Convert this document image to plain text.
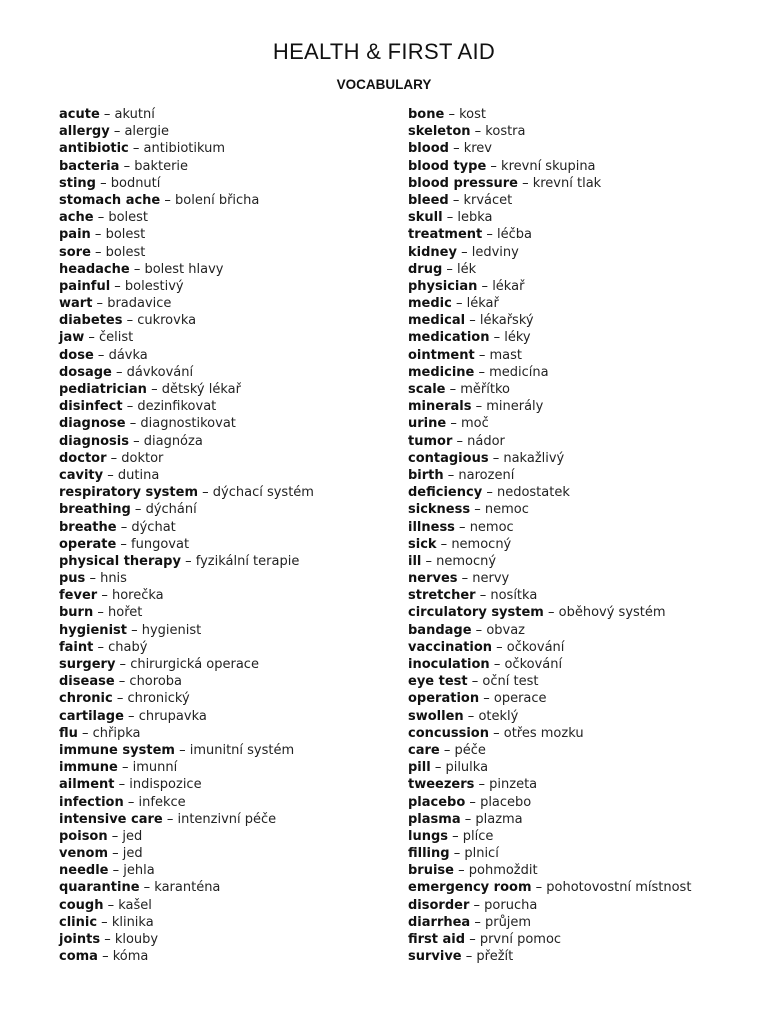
HEALTH & FIRST AID
VOCABULARY
acute – akutní
allergy – alergie
antibiotic – antibiotikum
bacteria – bakterie
sting – bodnutí
stomach ache – bolení břicha
ache – bolest
pain – bolest
sore – bolest
headache – bolest hlavy
painful – bolestivý
wart – bradavice
diabetes – cukrovka
jaw – čelist
dose – dávka
dosage – dávkování
pediatrician – dětský lékař
disinfect – dezinfikovat
diagnose – diagnostikovat
diagnosis – diagnóza
doctor – doktor
cavity – dutina
respiratory system – dýchací systém
breathing – dýchání
breathe – dýchat
operate – fungovat
physical therapy – fyzikální terapie
pus – hnis
fever – horečka
burn – hořet
hygienist – hygienist
faint – chabý
surgery – chirurgická operace
disease – choroba
chronic – chronický
cartilage – chrupavka
flu – chřipka
immune system – imunitní systém
immune – imunní
ailment – indispozice
infection – infekce
intensive care – intenzivní péče
poison – jed
venom – jed
needle – jehla
quarantine – karanténa
cough – kašel
clinic – klinika
joints – klouby
coma – kóma
bone – kost
skeleton – kostra
blood – krev
blood type – krevní skupina
blood pressure – krevní tlak
bleed – krvácet
skull – lebka
treatment – léčba
kidney – ledviny
drug – lék
physician – lékař
medic – lékař
medical – lékařský
medication – léky
ointment – mast
medicine – medicína
scale – měřítko
minerals – minerály
urine – moč
tumor – nádor
contagious – nakažlivý
birth – narození
deficiency – nedostatek
sickness – nemoc
illness – nemoc
sick – nemocný
ill – nemocný
nerves – nervy
stretcher – nosítka
circulatory system – oběhový systém
bandage – obvaz
vaccination – očkování
inoculation – očkování
eye test – oční test
operation – operace
swollen – oteklý
concussion – otřes mozku
care – péče
pill – pilulka
tweezers – pinzeta
placebo – placebo
plasma – plazma
lungs – plíce
filling – plnicí
bruise – pohmoždit
emergency room – pohotovostní místnost
disorder – porucha
diarrhea – průjem
first aid – první pomoc
survive – přežít
